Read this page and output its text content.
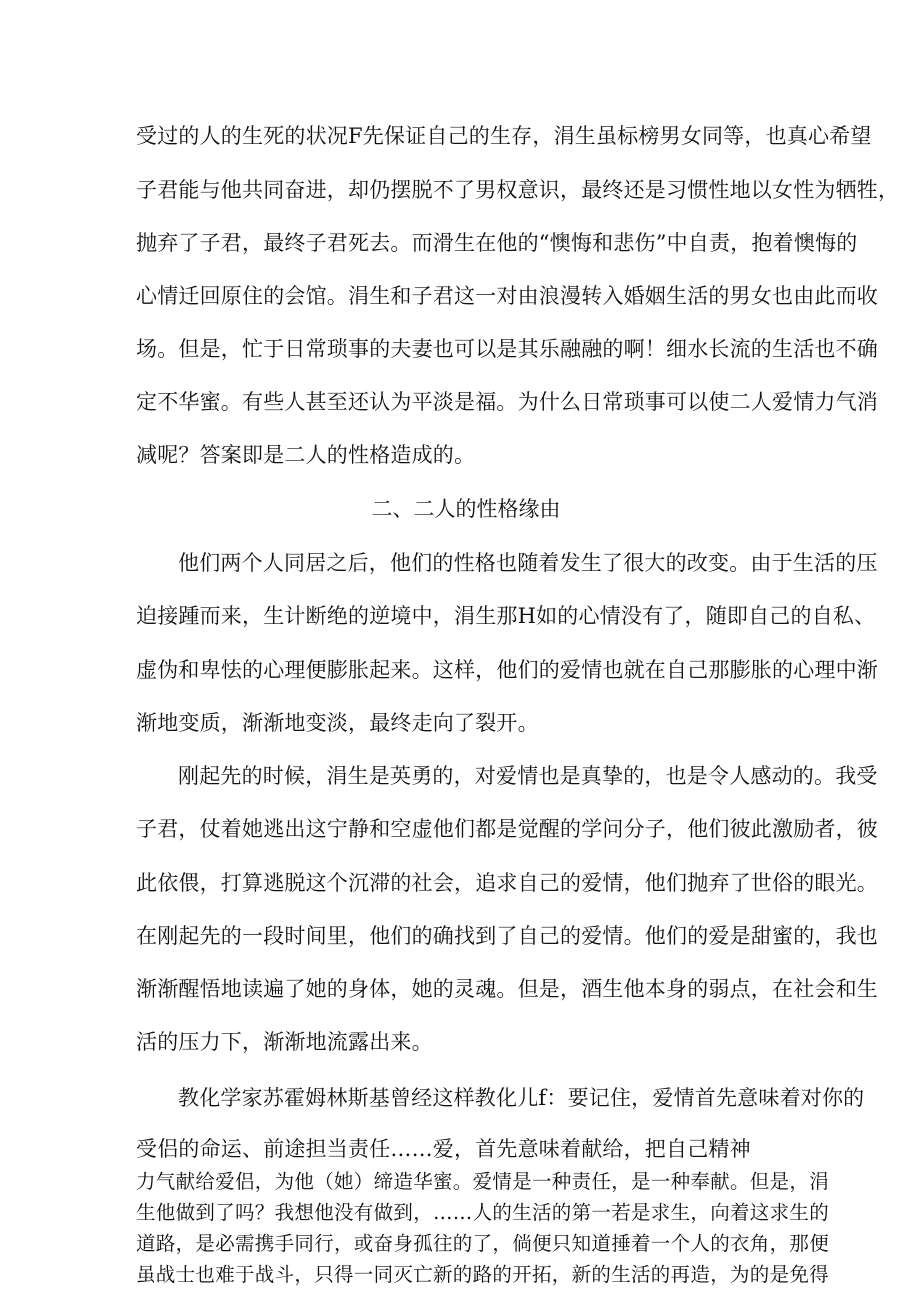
受过的人的生死的状况F先保证自己的生存，涓生虽标榜男女同等，也真心希望
子君能与他共同奋进，却仍摆脱不了男权意识，最终还是习惯性地以女性为牺牲，
抛弃了子君，最终子君死去。而滑生在他的“懊悔和悲伤”中自责，抱着懊悔的
心情迁回原住的会馆。涓生和子君这一对由浪漫转入婚姻生活的男女也由此而收
场。但是，忙于日常琐事的夫妻也可以是其乐融融的啊！细水长流的生活也不确
定不华蜜。有些人甚至还认为平淡是福。为什么日常琐事可以使二人爱情力气消
减呢？答案即是二人的性格造成的。
二、二人的性格缘由
他们两个人同居之后，他们的性格也随着发生了很大的改变。由于生活的压
迫接踵而来，生计断绝的逆境中，涓生那H如的心情没有了，随即自己的自私、
虚伪和卑怯的心理便膨胀起来。这样，他们的爱情也就在自己那膨胀的心理中渐
渐地变质，渐渐地变淡，最终走向了裂开。
刚起先的时候，涓生是英勇的，对爱情也是真挚的，也是令人感动的。我受
子君，仗着她逃出这宁静和空虚他们都是觉醒的学问分子，他们彼此激励者，彼
此依偎，打算逃脱这个沉滞的社会，追求自己的爱情，他们抛弃了世俗的眼光。
在刚起先的一段时间里，他们的确找到了自己的爱情。他们的爱是甜蜜的，我也
渐渐醒悟地读遍了她的身体，她的灵魂。但是，酒生他本身的弱点，在社会和生
活的压力下，渐渐地流露出来。
教化学家苏霍姆林斯基曾经这样教化儿f：要记住，爱情首先意味着对你的
受侣的命运、前途担当责任……爱，首先意味着献给，把自己精神
力气献给爱侣，为他（她）缔造华蜜。爱情是一种责任，是一种奉献。但是，涓
生他做到了吗？我想他没有做到，……人的生活的第一若是求生，向着这求生的
道路，是必需携手同行，或奋身孤往的了，倘便只知道捶着一个人的衣角，那便
虽战士也难于战斗，只得一同灭亡新的路的开拓，新的生活的再造，为的是免得
